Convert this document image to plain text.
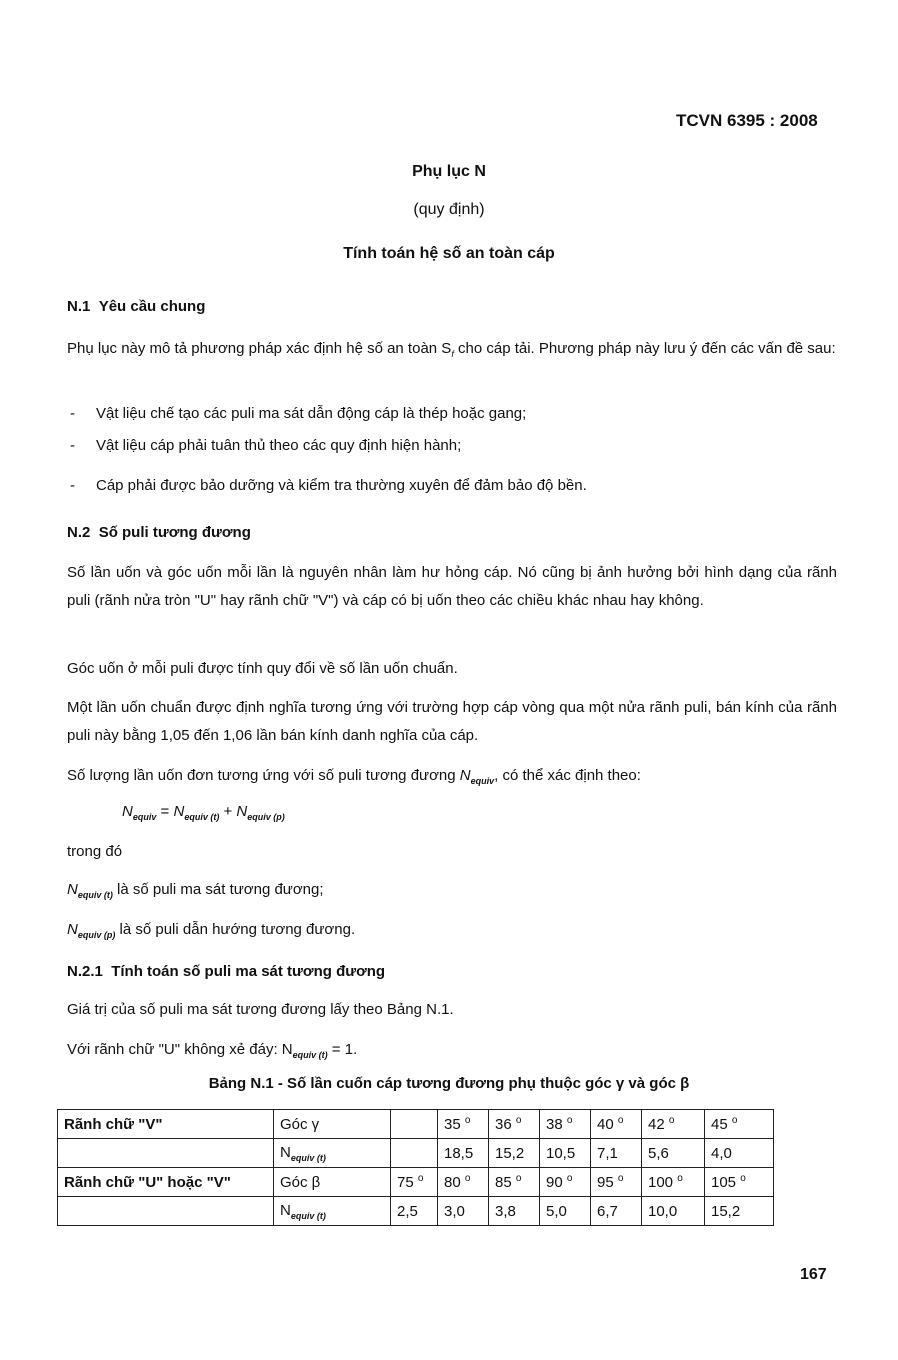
TCVN 6395 : 2008
Phụ lục N
(quy định)
Tính toán hệ số an toàn cáp
N.1 Yêu cầu chung
Phụ lục này mô tả phương pháp xác định hệ số an toàn $S_f$ cho cáp tải. Phương pháp này lưu ý đến các vấn đề sau:
- Vật liệu chế tạo các puli ma sát dẫn động cáp là thép hoặc gang;
- Vật liệu cáp phải tuân thủ theo các quy định hiện hành;
- Cáp phải được bảo dưỡng và kiểm tra thường xuyên để đảm bảo độ bền.
N.2 Số puli tương đương
Số lần uốn và góc uốn mỗi lần là nguyên nhân làm hư hỏng cáp. Nó cũng bị ảnh hưởng bởi hình dạng của rãnh puli (rãnh nửa tròn "U" hay rãnh chữ "V") và cáp có bị uốn theo các chiều khác nhau hay không.
Góc uốn ở mỗi puli được tính quy đổi về số lần uốn chuẩn.
Một lần uốn chuẩn được định nghĩa tương ứng với trường hợp cáp vòng qua một nửa rãnh puli, bán kính của rãnh puli này bằng 1,05 đến 1,06 lần bán kính danh nghĩa của cáp.
Số lượng lần uốn đơn tương ứng với số puli tương đương $N_{equiv}$, có thể xác định theo:
$N_{equiv} = N_{equiv (t)} + N_{equiv (p)}$
trong đó
$N_{equiv (t)}$ là số puli ma sát tương đương;
$N_{equiv (p)}$ là số puli dẫn hướng tương đương.
N.2.1 Tính toán số puli ma sát tương đương
Giá trị của số puli ma sát tương đương lấy theo Bảng N.1.
Với rãnh chữ "U" không xẻ đáy: $N_{equiv (t)} = 1$.
Bảng N.1 - Số lần cuốn cáp tương đương phụ thuộc góc γ và góc β
Rãnh chữ "V"	Góc γ		35 $^o$	36 $^o$	38 $^o$	40 $^o$	42 $^o$	45 $^o$
	$N_{equiv (t)}$		18,5	15,2	10,5	7,1	5,6	4,0
Rãnh chữ "U" hoặc "V"	Góc β	75 $^o$	80 $^o$	85 $^o$	90 $^o$	95 $^o$	100 $^o$	105 $^o$
	$N_{equiv (t)}$	2,5	3,0	3,8	5,0	6,7	10,0	15,2
167
